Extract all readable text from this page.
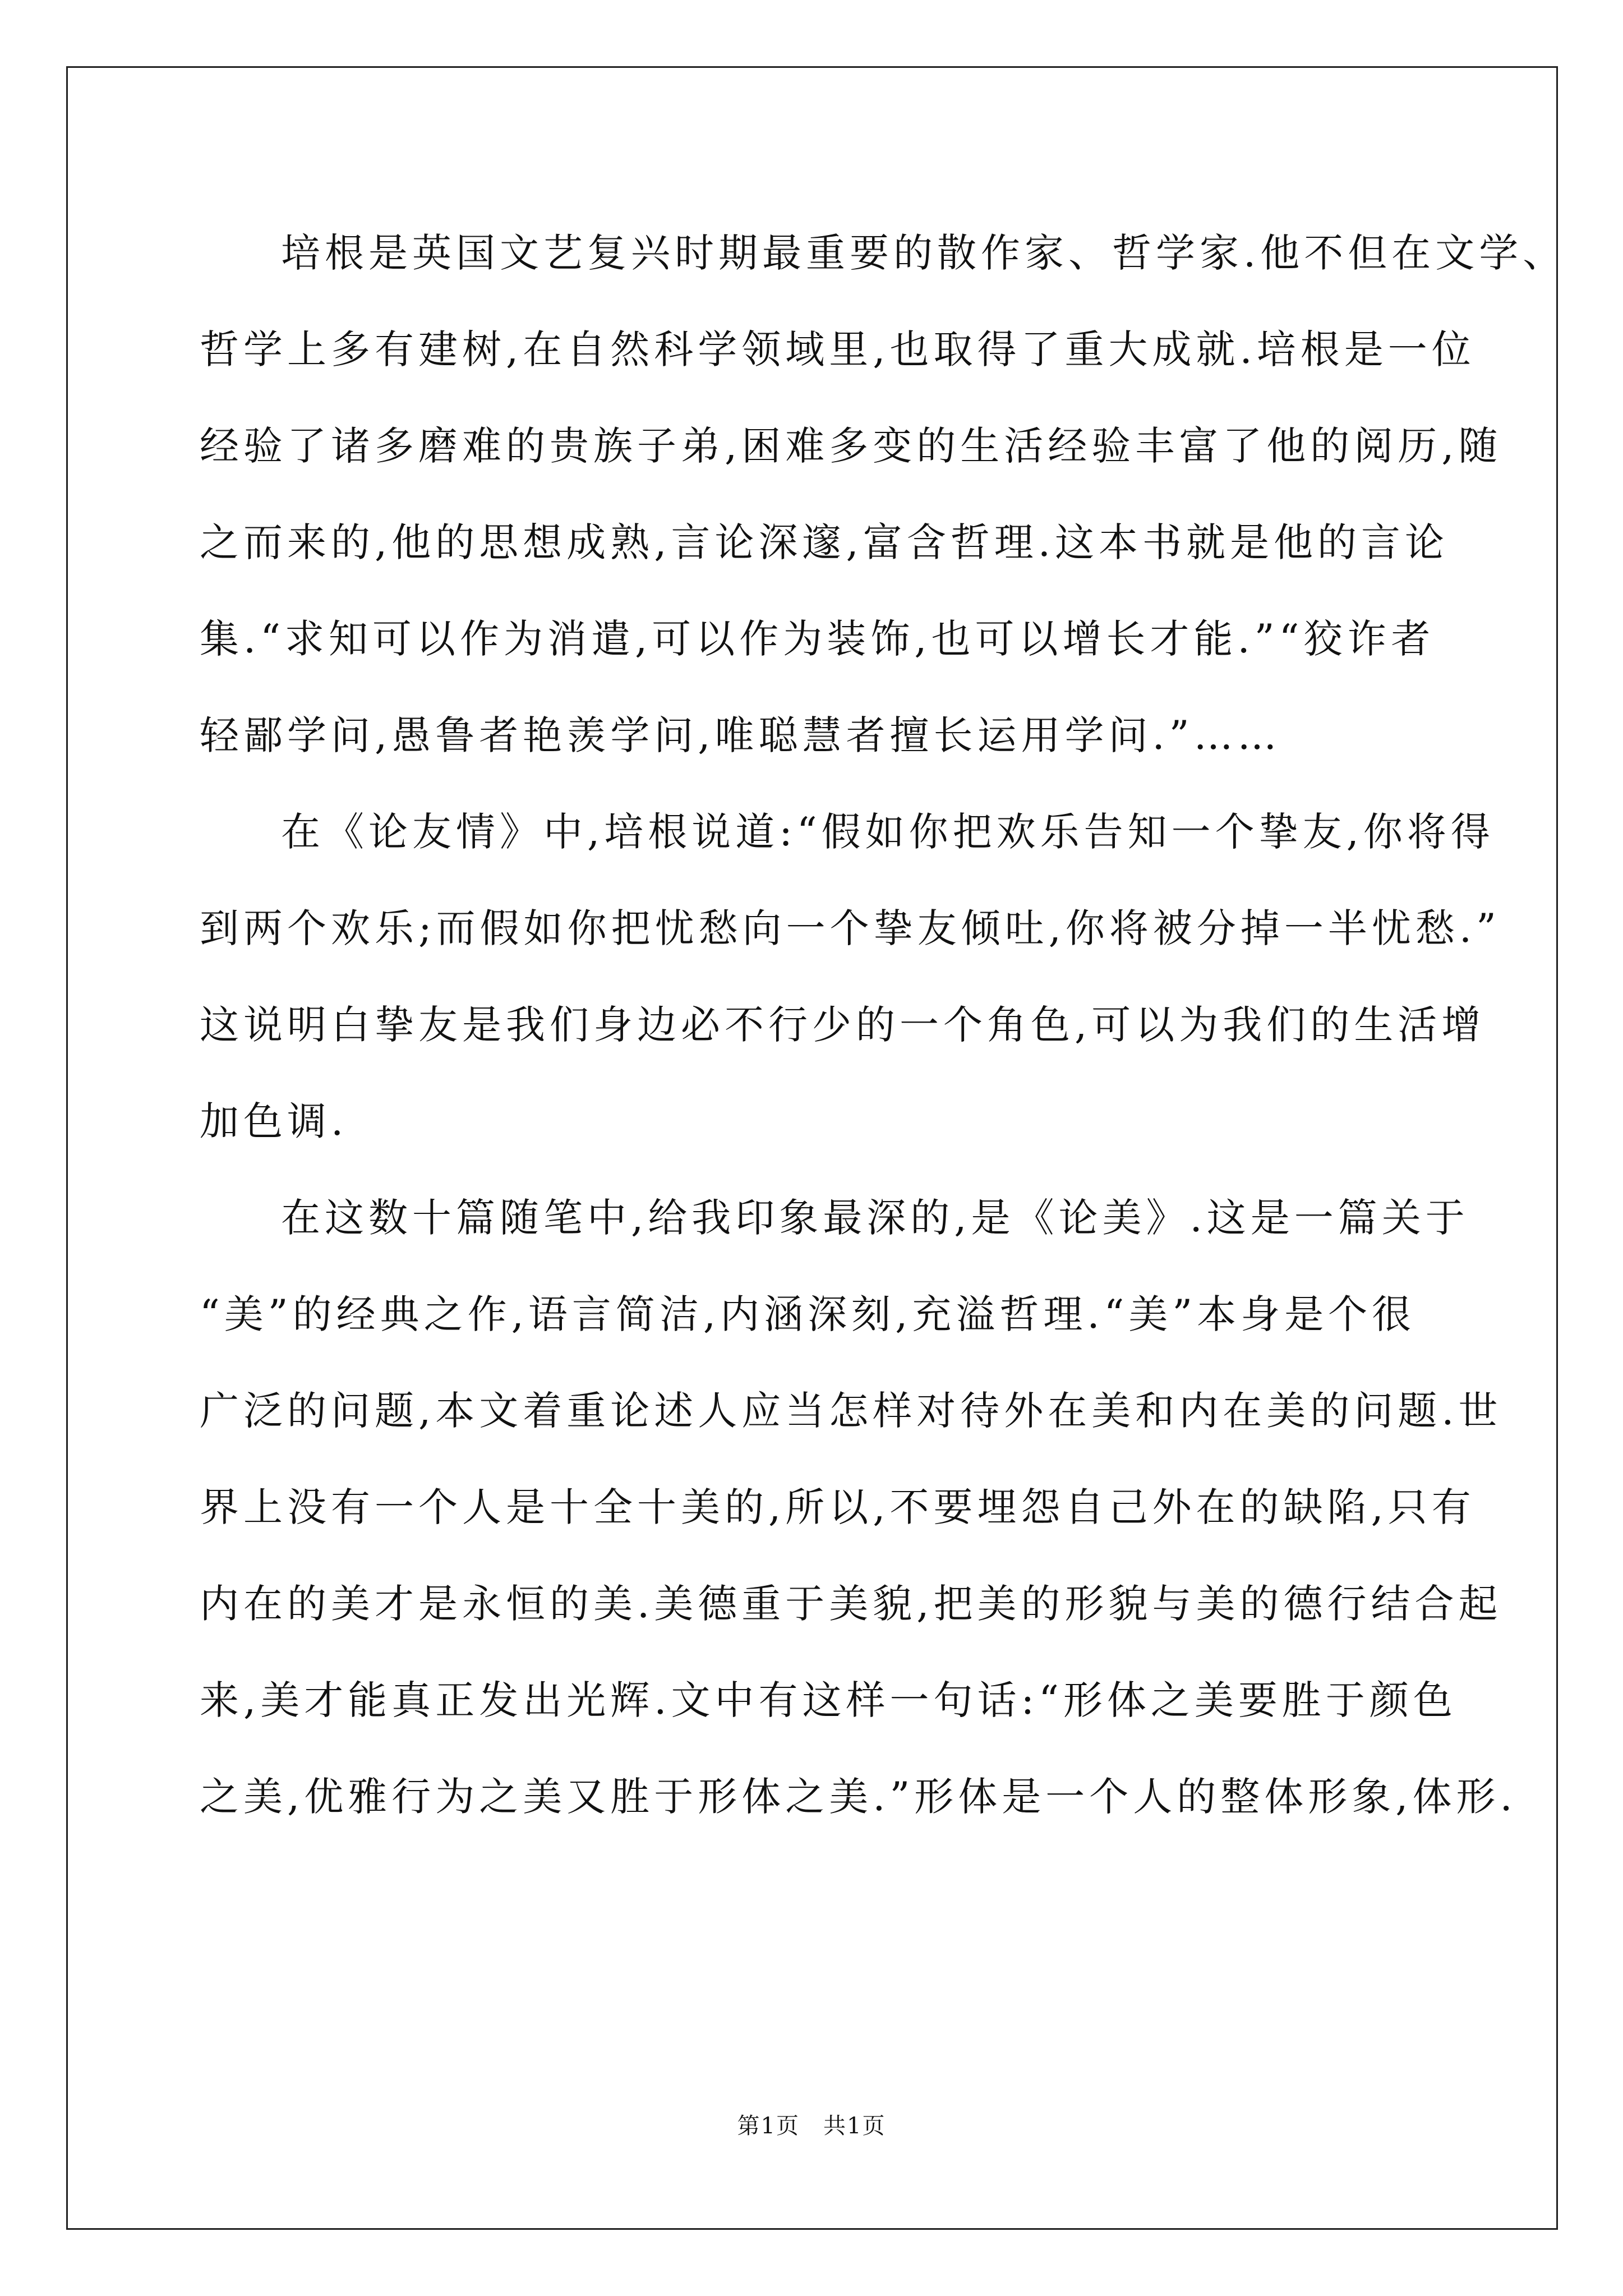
培根是英国文艺复兴时期最重要的散作家、哲学家.他不但在文学、
哲学上多有建树,在自然科学领域里,也取得了重大成就.培根是一位
经验了诸多磨难的贵族子弟,困难多变的生活经验丰富了他的阅历,随
之而来的,他的思想成熟,言论深邃,富含哲理.这本书就是他的言论
集.“求知可以作为消遣,可以作为装饰,也可以增长才能.”“狡诈者
轻鄙学问,愚鲁者艳羡学问,唯聪慧者擅长运用学问.”……
在《论友情》中,培根说道:“假如你把欢乐告知一个挚友,你将得
到两个欢乐;而假如你把忧愁向一个挚友倾吐,你将被分掉一半忧愁.”
这说明白挚友是我们身边必不行少的一个角色,可以为我们的生活增
加色调.
在这数十篇随笔中,给我印象最深的,是《论美》.这是一篇关于
“美”的经典之作,语言简洁,内涵深刻,充溢哲理.“美”本身是个很
广泛的问题,本文着重论述人应当怎样对待外在美和内在美的问题.世
界上没有一个人是十全十美的,所以,不要埋怨自己外在的缺陷,只有
内在的美才是永恒的美.美德重于美貌,把美的形貌与美的德行结合起
来,美才能真正发出光辉.文中有这样一句话:“形体之美要胜于颜色
之美,优雅行为之美又胜于形体之美.”形体是一个人的整体形象,体形.
第1页　共1页
